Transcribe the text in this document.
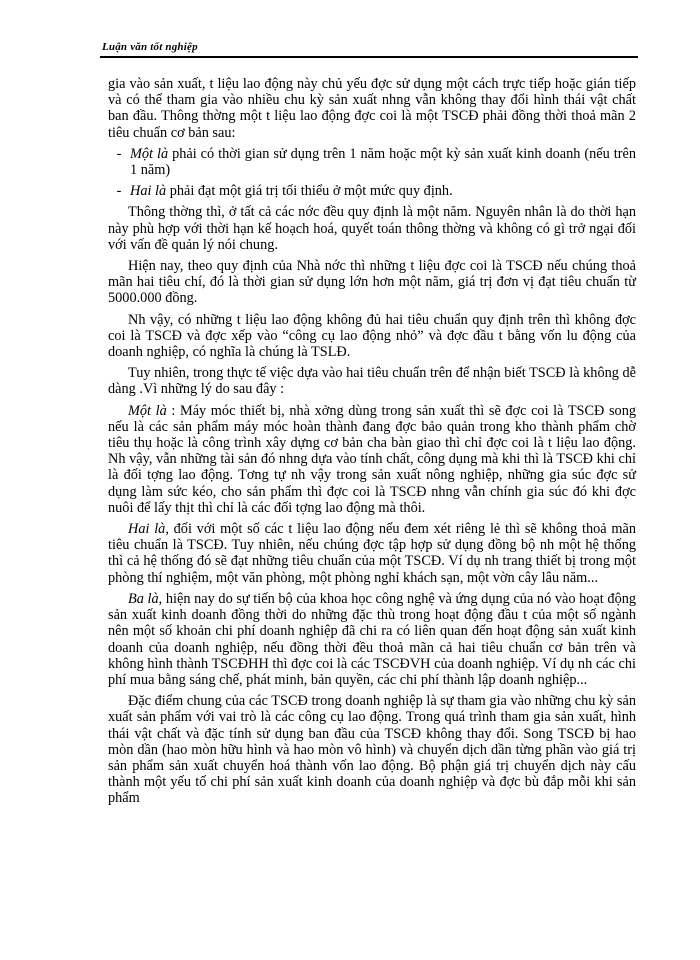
Luận văn tốt nghiệp

gia vào sản xuất, t liệu lao động này chủ yếu đợc sử dụng một cách trực tiếp hoặc gián tiếp và có thể tham gia vào nhiều chu kỳ sản xuất nhng vẫn không thay đổi hình thái vật chất ban đầu. Thông thờng một t liệu lao động đợc coi là một TSCĐ phải đồng thời thoả mãn 2 tiêu chuẩn cơ bản sau:

- Một là phải có thời gian sử dụng trên 1 năm hoặc một kỳ sản xuất kinh doanh (nếu trên 1 năm)
- Hai là phải đạt một giá trị tối thiểu ở một mức quy định.

Thông thờng thì, ở tất cả các nớc đều quy định là một năm. Nguyên nhân là do thời hạn này phù hợp với thời hạn kế hoạch hoá, quyết toán thông thờng và không có gì trở ngại đối với vấn đề quản lý nói chung.

Hiện nay, theo quy định của Nhà nớc thì những t liệu đợc coi là TSCĐ nếu chúng thoả mãn hai tiêu chí, đó là thời gian sử dụng lớn hơn một năm, giá trị đơn vị đạt tiêu chuẩn từ 5000.000 đồng.

Nh vậy, có những t liệu lao động không đủ hai tiêu chuẩn quy định trên thì không đợc coi là TSCĐ và đợc xếp vào “công cụ lao động nhỏ” và đợc đầu t bằng vốn lu động của doanh nghiệp, có nghĩa là chúng là TSLĐ.

Tuy nhiên, trong thực tế việc dựa vào hai tiêu chuẩn trên để nhận biết TSCĐ là không dễ dàng .Vì những lý do sau đây :

Một là : Máy móc thiết bị, nhà xởng dùng trong sản xuất thì sẽ đợc coi là TSCĐ song nếu là các sản phẩm máy móc hoàn thành đang đợc bảo quản trong kho thành phẩm chờ tiêu thụ hoặc là công trình xây dựng cơ bản cha bàn giao thì chỉ đợc coi là t liệu lao động. Nh vậy, vẫn những tài sản đó nhng dựa vào tính chất, công dụng mà khi thì là TSCĐ khi chỉ là đối tợng lao động. Tơng tự nh vậy trong sản xuất nông nghiệp, những gia súc đợc sử dụng làm sức kéo, cho sản phẩm thì đợc coi là TSCĐ nhng vẫn chính gia súc đó khi đợc nuôi để lấy thịt thì chỉ là các đối tợng lao động mà thôi.

Hai là, đối với một số các t liệu lao động nếu đem xét riêng lẻ thì sẽ không thoả mãn tiêu chuẩn là TSCĐ. Tuy nhiên, nếu chúng đợc tập hợp sử dụng đồng bộ nh một hệ thống thì cả hệ thống đó sẽ đạt những tiêu chuẩn của một TSCĐ. Ví dụ nh trang thiết bị trong một phòng thí nghiệm, một văn phòng, một phòng nghỉ khách sạn, một vờn cây lâu năm...

Ba là, hiện nay do sự tiến bộ của khoa học công nghệ và ứng dụng của nó vào hoạt động sản xuất kinh doanh đồng thời do những đặc thù trong hoạt động đầu t của một số ngành nên một số khoản chi phí doanh nghiệp đã chi ra có liên quan đến hoạt động sản xuất kinh doanh của doanh nghiệp, nếu đồng thời đều thoả mãn cả hai tiêu chuẩn cơ bản trên và không hình thành TSCĐHH thì đợc coi là các TSCĐVH của doanh nghiệp. Ví dụ nh các chi phí mua bằng sáng chế, phát minh, bản quyền, các chi phí thành lập doanh nghiệp...

Đặc điểm chung của các TSCĐ trong doanh nghiệp là sự tham gia vào những chu kỳ sản xuất sản phẩm với vai trò là các công cụ lao động. Trong quá trình tham gia sản xuất, hình thái vật chất và đặc tính sử dụng ban đầu của TSCĐ không thay đổi. Song TSCĐ bị hao mòn dần (hao mòn hữu hình và hao mòn vô hình) và chuyển dịch dần từng phần vào giá trị sản phẩm sản xuất chuyển hoá thành vốn lao động. Bộ phận giá trị chuyển dịch này cấu thành một yếu tố chi phí sản xuất kinh doanh của doanh nghiệp và đợc bù đắp mỗi khi sản phẩm
